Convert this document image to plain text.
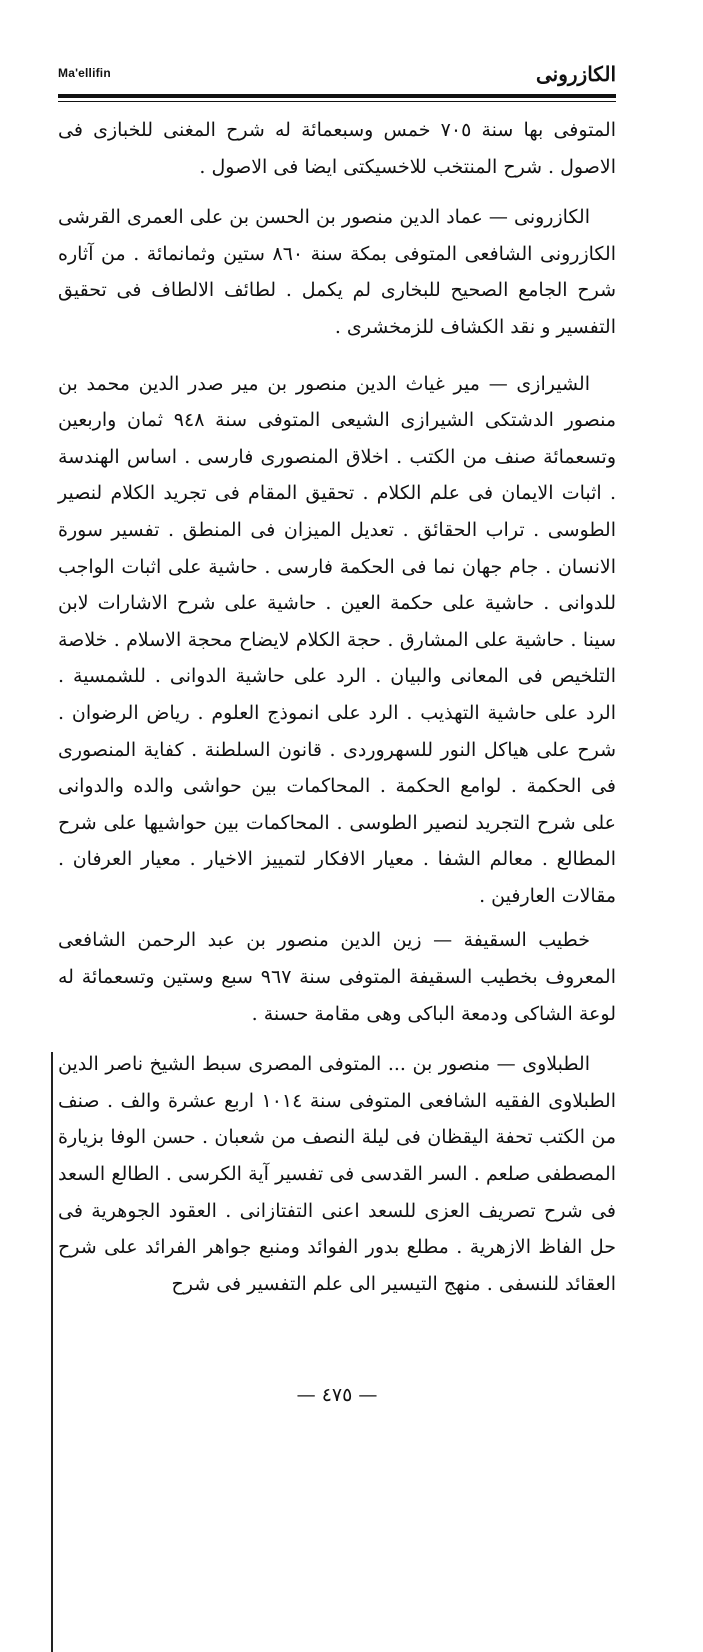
الكازرونى
Ma'ellifin

المتوفى بها سنة ٧٠٥ خمس وسبعمائة له شرح المغنى للخبازى فى الاصول . شرح المنتخب للاخسيكتى ايضا فى الاصول .

الكازرونى — عماد الدين منصور بن الحسن بن على العمرى القرشى الكازرونى الشافعى المتوفى بمكة سنة ٨٦٠ ستين وثمانمائة . من آثاره شرح الجامع الصحيح للبخارى لم يكمل . لطائف الالطاف فى تحقيق التفسير و نقد الكشاف للزمخشرى .

الشيرازى — مير غياث الدين منصور بن مير صدر الدين محمد بن منصور الدشتكى الشيرازى الشيعى المتوفى سنة ٩٤٨ ثمان واربعين وتسعمائة صنف من الكتب . اخلاق المنصورى فارسى . اساس الهندسة . اثبات الايمان فى علم الكلام . تحقيق المقام فى تجريد الكلام لنصير الطوسى . تراب الحقائق . تعديل الميزان فى المنطق . تفسير سورة الانسان . جام جهان نما فى الحكمة فارسى . حاشية على اثبات الواجب للدوانى . حاشية على حكمة العين . حاشية على شرح الاشارات لابن سينا . حاشية على المشارق . حجة الكلام لايضاح محجة الاسلام . خلاصة التلخيص فى المعانى والبيان . الرد على حاشية الدوانى . للشمسية . الرد على حاشية التهذيب . الرد على انموذج العلوم . رياض الرضوان . شرح على هياكل النور للسهروردى . قانون السلطنة . كفاية المنصورى فى الحكمة . لوامع الحكمة . المحاكمات بين حواشى والده والدوانى على شرح التجريد لنصير الطوسى . المحاكمات بين حواشيها على شرح المطالع . معالم الشفا . معيار الافكار لتمييز الاخيار . معيار العرفان . مقالات العارفين .

خطيب السقيفة — زين الدين منصور بن عبد الرحمن الشافعى المعروف بخطيب السقيفة المتوفى سنة ٩٦٧ سبع وستين وتسعمائة له لوعة الشاكى ودمعة الباكى وهى مقامة حسنة .

الطبلاوى — منصور بن ... المتوفى المصرى سبط الشيخ ناصر الدين الطبلاوى الفقيه الشافعى المتوفى سنة ١٠١٤ اربع عشرة والف . صنف من الكتب تحفة اليقظان فى ليلة النصف من شعبان . حسن الوفا بزيارة المصطفى صلعم . السر القدسى فى تفسير آية الكرسى . الطالع السعد فى شرح تصريف العزى للسعد اعنى التفتازانى . العقود الجوهرية فى حل الفاظ الازهرية . مطلع بدور الفوائد ومنبع جواهر الفرائد على شرح العقائد للنسفى . منهج التيسير الى علم التفسير فى شرح

— ٤٧٥ —
